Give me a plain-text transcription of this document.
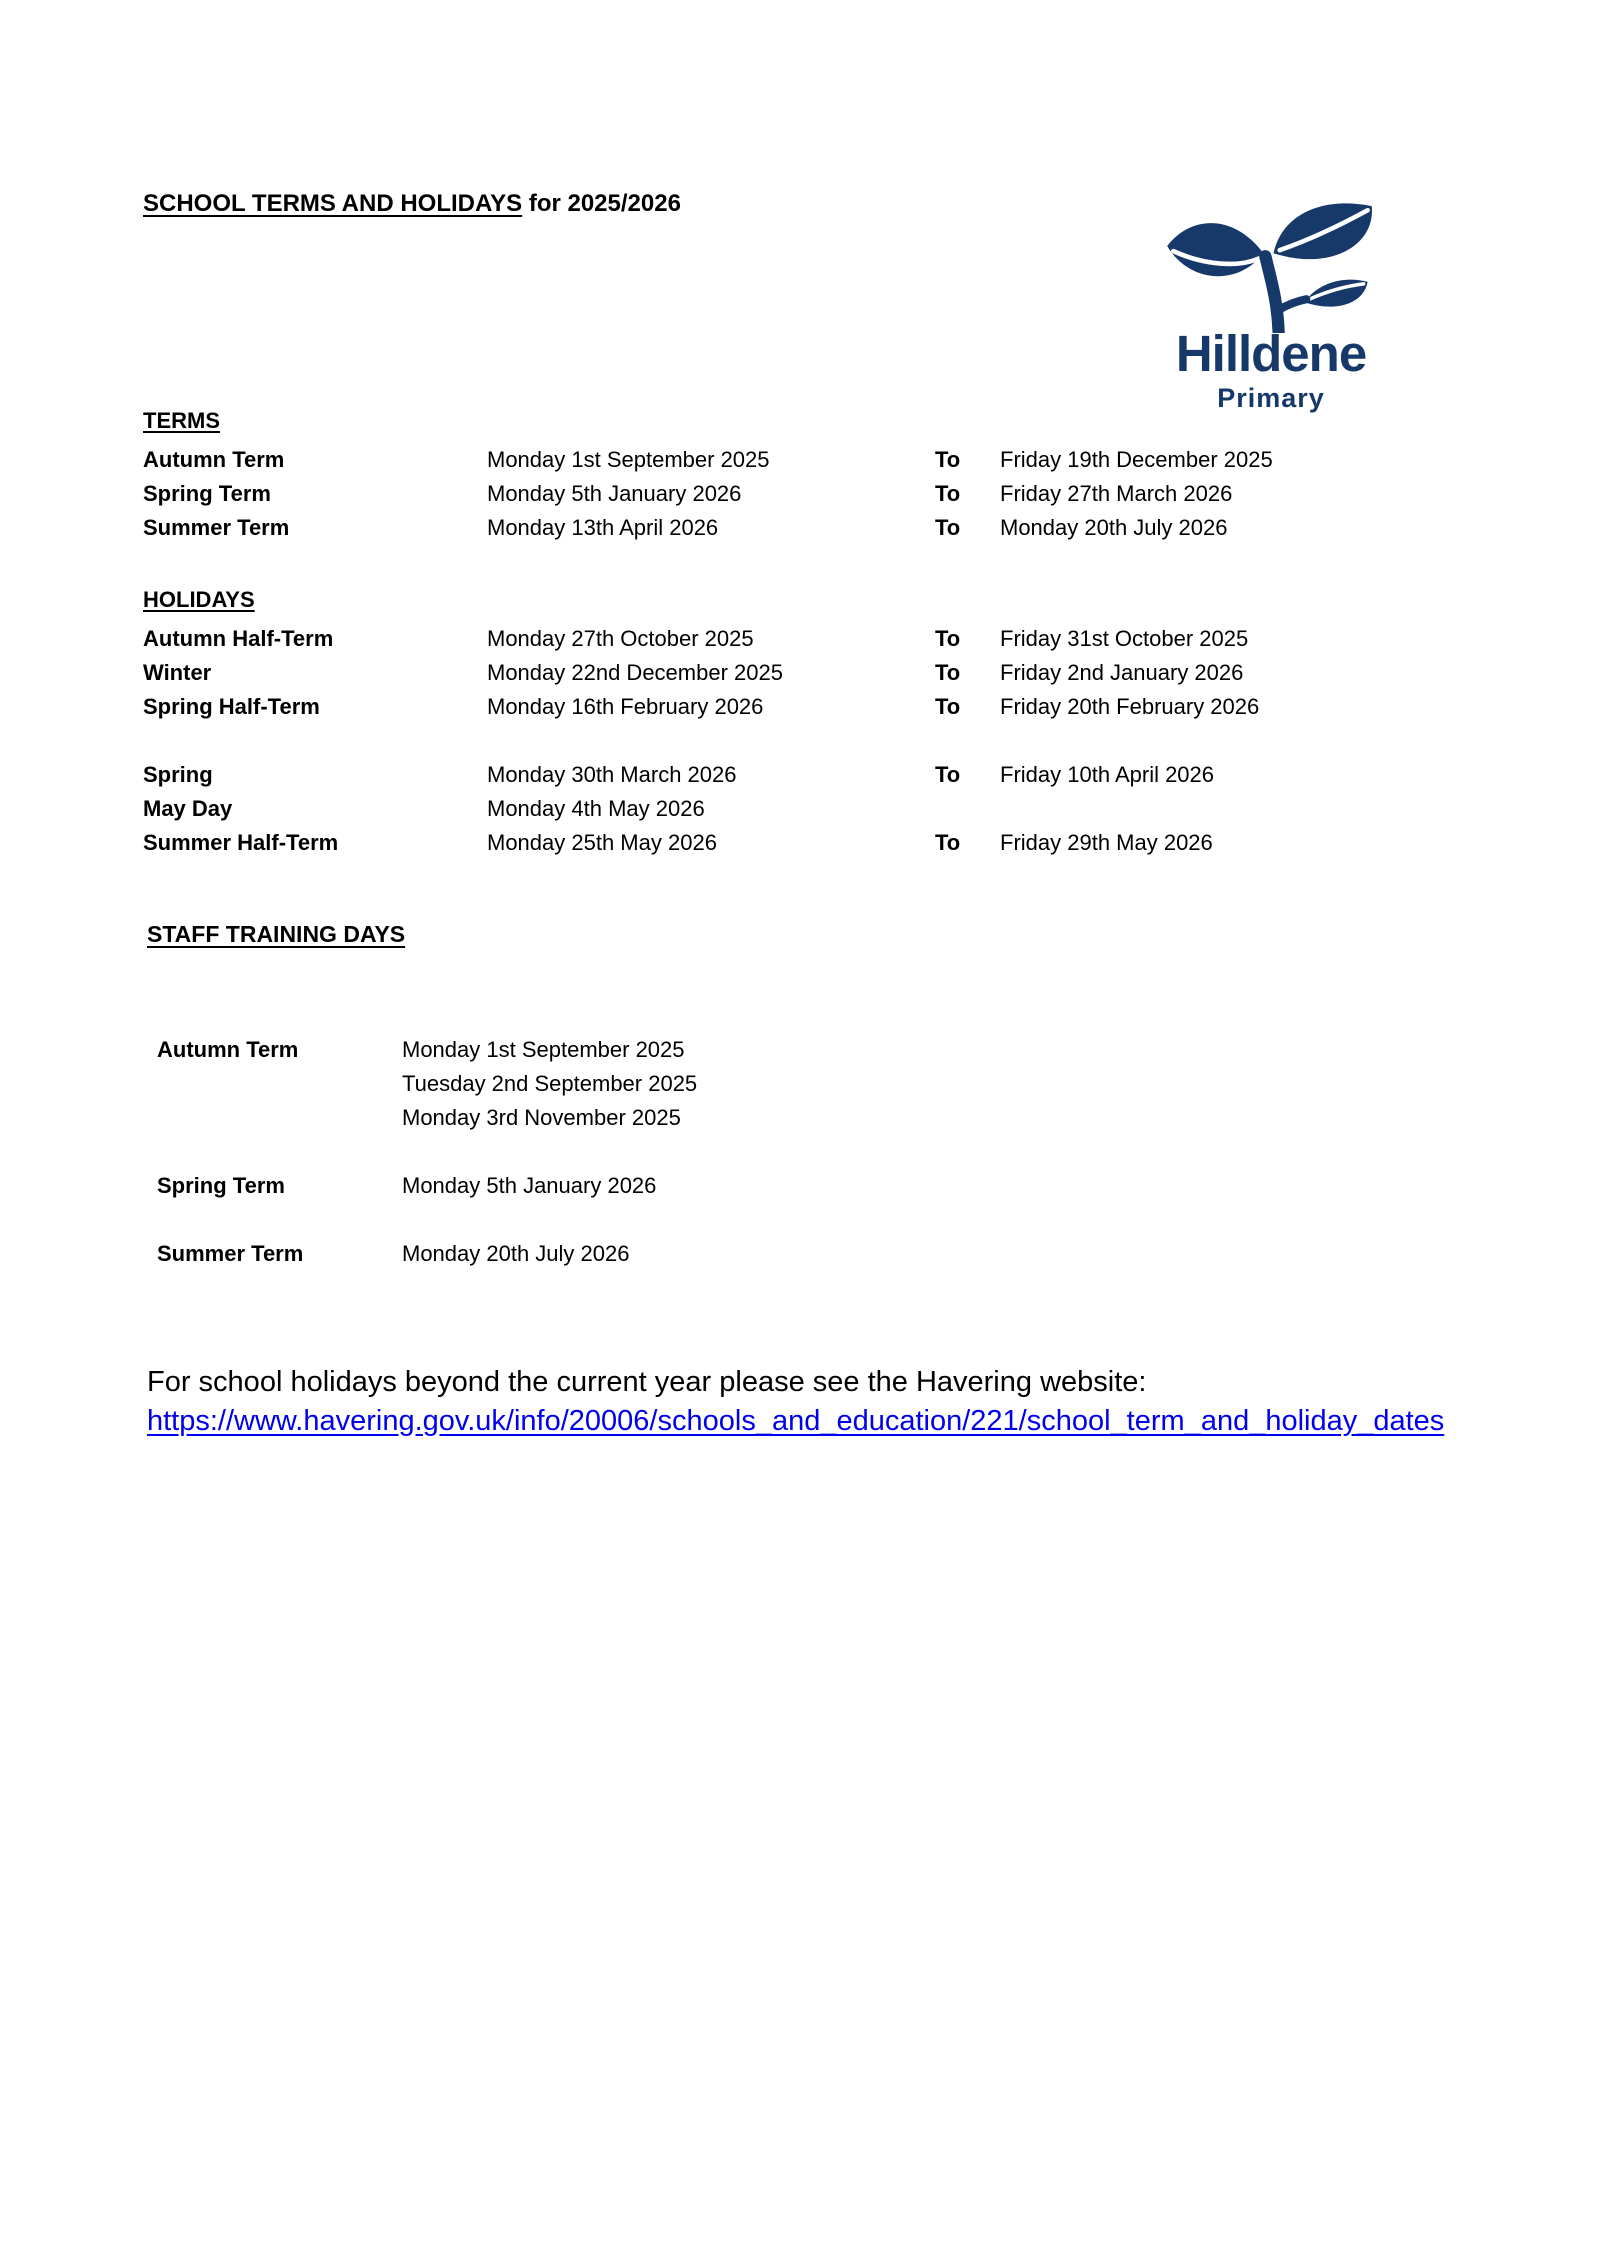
SCHOOL TERMS AND HOLIDAYS for 2025/2026
Hilldene
Primary
TERMS
Autumn Term	Monday 1st September 2025	To	Friday 19th December 2025
Spring Term	Monday 5th January 2026	To	Friday 27th March 2026
Summer Term	Monday 13th April 2026	To	Monday 20th July 2026
HOLIDAYS
Autumn Half-Term	Monday 27th October 2025	To	Friday 31st October 2025
Winter	Monday 22nd December 2025	To	Friday 2nd January 2026
Spring Half-Term	Monday 16th February 2026	To	Friday 20th February 2026
Spring	Monday 30th March 2026	To	Friday 10th April 2026
May Day	Monday 4th May 2026
Summer Half-Term	Monday 25th May 2026	To	Friday 29th May 2026
STAFF TRAINING DAYS
Autumn Term	Monday 1st September 2025
Tuesday 2nd September 2025
Monday 3rd November 2025
Spring Term	Monday 5th January 2026
Summer Term	Monday 20th July 2026
For school holidays beyond the current year please see the Havering website:
https://www.havering.gov.uk/info/20006/schools_and_education/221/school_term_and_holiday_dates
